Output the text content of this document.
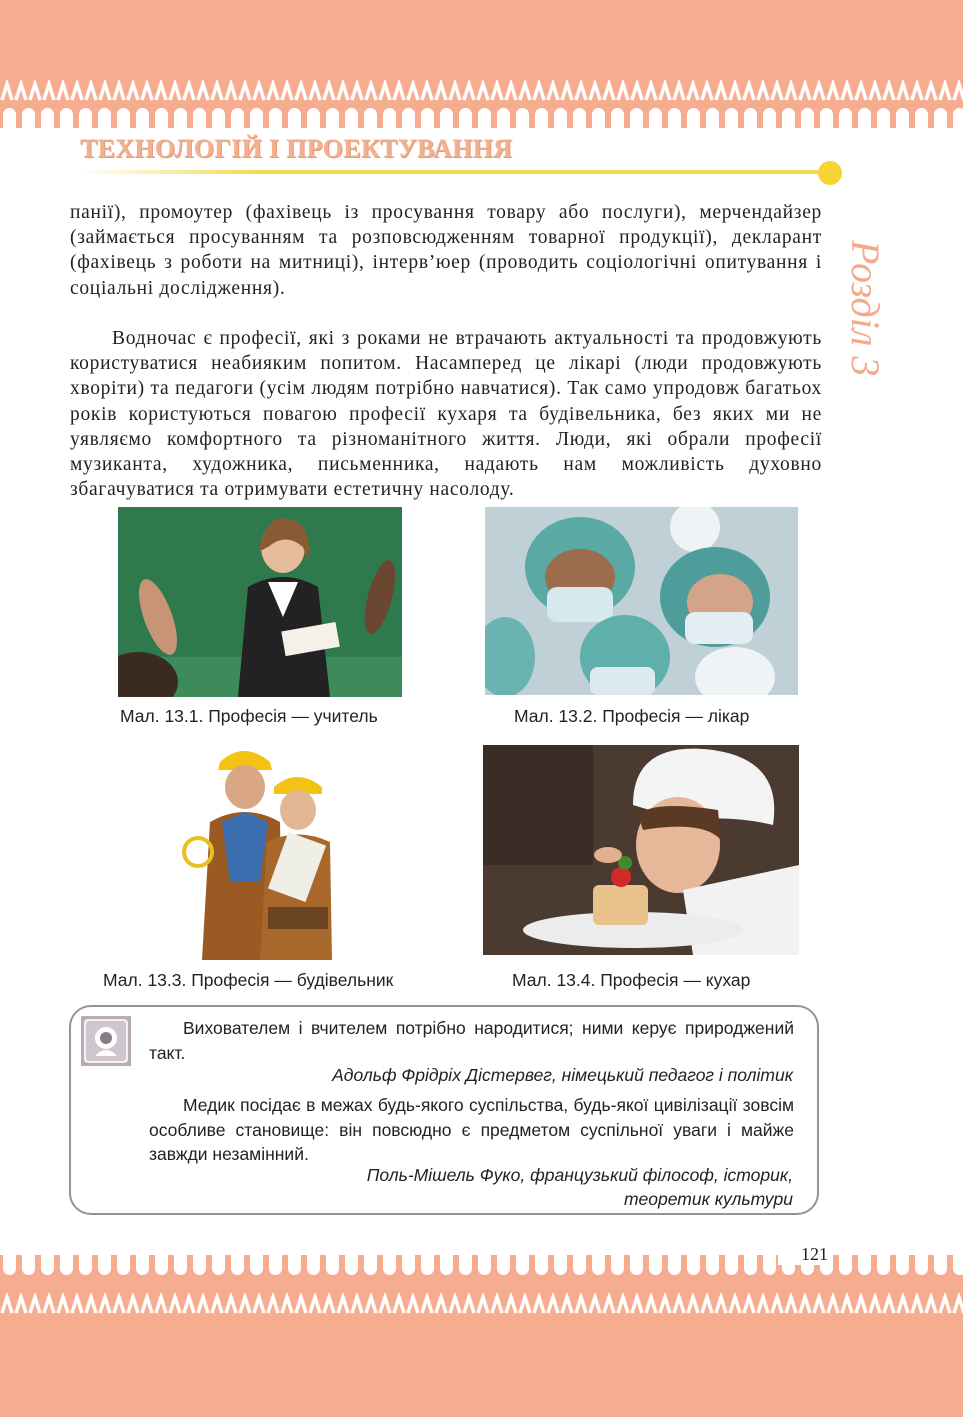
ТЕХНОЛОГІЙ І ПРОЕКТУВАННЯ
Розділ 3

панії), промоутер (фахівець із просування товару або послуги), мерчендайзер (займається просуванням та розповсюдженням товарної продукції), декларант (фахівець з роботи на митниці), інтерв’юер (проводить соціологічні опитування і соціальні дослідження).

Водночас є професії, які з роками не втрачають актуальності та продовжують користуватися неабияким попитом. Насамперед це лікарі (люди продовжують хворіти) та педагоги (усім людям потрібно навчатися). Так само упродовж багатьох років користуються повагою професії кухаря та будівельника, без яких ми не уявляємо комфортного та різноманітного життя. Люди, які обрали професії музиканта, художника, письменника, надають нам можливість духовно збагачуватися та отримувати естетичну насолоду.

Мал. 13.1. Професія — учитель	Мал. 13.2. Професія — лікар
Мал. 13.3. Професія — будівельник	Мал. 13.4. Професія — кухар

Вихователем і вчителем потрібно народитися; ними керує природжений такт.

Адольф Фрідріх Дістервег, німецький педагог і політик

Медик посідає в межах будь-якого суспільства, будь-якої цивілізації зовсім особливе становище: він повсюдно є предметом суспільної уваги і майже завжди незамінний.

Поль-Мішель Фуко, французький філософ, історик,

теоретик культури

121
